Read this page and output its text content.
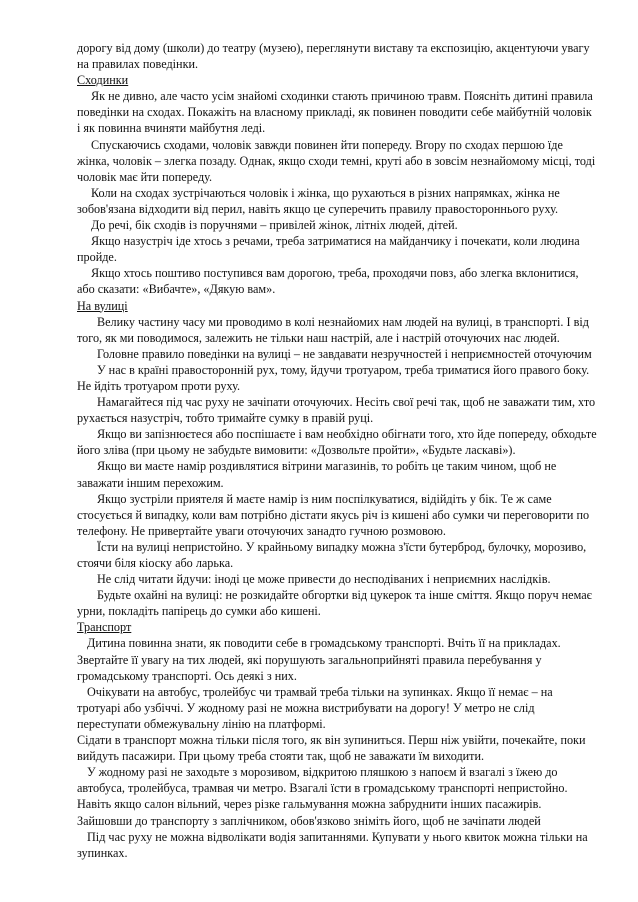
дорогу від дому (школи) до театру (музею), переглянути виставу та експозицію, акцентуючи увагу на правилах поведінки.

Сходинки

Як не дивно, але часто усім знайомі сходинки стають причиною травм. Поясніть дитині правила поведінки на сходах. Покажіть на власному прикладі, як повинен поводити себе майбутній чоловік і як повинна вчиняти майбутня леді.

Спускаючись сходами, чоловік завжди повинен йти попереду. Вгору по сходах першою їде жінка, чоловік – злегка позаду. Однак, якщо сходи темні, круті або в зовсім незнайомому місці, тоді чоловік має йти попереду.

Коли на сходах зустрічаються чоловік і жінка, що рухаються в різних напрямках, жінка не зобов'язана відходити від перил, навіть якщо це суперечить правилу правостороннього руху.

До речі, бік сходів із поручнями – привілей жінок, літніх людей, дітей.

Якщо назустріч іде хтось з речами, треба затриматися на майданчику і почекати, коли людина пройде.

Якщо хтось поштиво поступився вам дорогою, треба, проходячи повз, або злегка вклонитися, або сказати: «Вибачте», «Дякую вам».

На вулиці

Велику частину часу ми проводимо в колі незнайомих нам людей на вулиці, в транспорті. І від того, як ми поводимося, залежить не тільки наш настрій, але і настрій оточуючих нас людей.

Головне правило поведінки на вулиці – не завдавати незручностей і неприємностей оточуючим

У нас в країні правосторонній рух, тому, йдучи тротуаром, треба триматися його правого боку. Не йдіть тротуаром проти руху.

Намагайтеся під час руху не зачіпати оточуючих. Несіть свої речі так, щоб не заважати тим, хто рухається назустріч, тобто тримайте сумку в правій руці.

Якщо ви запізнюєтеся або поспішаєте і вам необхідно обігнати того, хто йде попереду, обходьте його зліва (при цьому не забудьте вимовити: «Дозвольте пройти», «Будьте ласкаві»).

Якщо ви маєте намір роздивлятися вітрини магазинів, то робіть це таким чином, щоб не заважати іншим перехожим.

Якщо зустріли приятеля й маєте намір із ним поспілкуватися, відійдіть у бік. Те ж саме стосується й випадку, коли вам потрібно дістати якусь річ із кишені або сумки чи переговорити по телефону. Не привертайте уваги оточуючих занадто гучною розмовою.

Їсти на вулиці непристойно. У крайньому випадку можна з'їсти бутерброд, булочку, морозиво, стоячи біля кіоску або ларька.

Не слід читати йдучи: іноді це може привести до несподіваних і неприємних наслідків.

Будьте охайні на вулиці: не розкидайте обгортки від цукерок та інше сміття. Якщо поруч немає урни, покладіть папірець до сумки або кишені.

Транспорт

Дитина повинна знати, як поводити себе в громадському транспорті. Вчіть її на прикладах. Звертайте її увагу на тих людей, які порушують загальноприйняті правила перебування у громадському транспорті. Ось деякі з них.

Очікувати на автобус, тролейбус чи трамвай треба тільки на зупинках. Якщо її немає – на тротуарі або узбіччі. У жодному разі не можна вистрибувати на дорогу! У метро не слід переступати обмежувальну лінію на платформі.

Сідати в транспорт можна тільки після того, як він зупиниться. Перш ніж увійти, почекайте, поки вийдуть пасажири. При цьому треба стояти так, щоб не заважати їм виходити.

У жодному разі не заходьте з морозивом, відкритою пляшкою з напоєм й взагалі з їжею до автобуса, тролейбуса, трамвая чи метро. Взагалі їсти в громадському транспорті непристойно. Навіть якщо салон вільний, через різке гальмування можна забруднити інших пасажирів.

Зайшовши до транспорту з заплічником, обов'язково зніміть його, щоб не зачіпати людей

Під час руху не можна відволікати водія запитаннями. Купувати у нього квиток можна тільки на зупинках.
